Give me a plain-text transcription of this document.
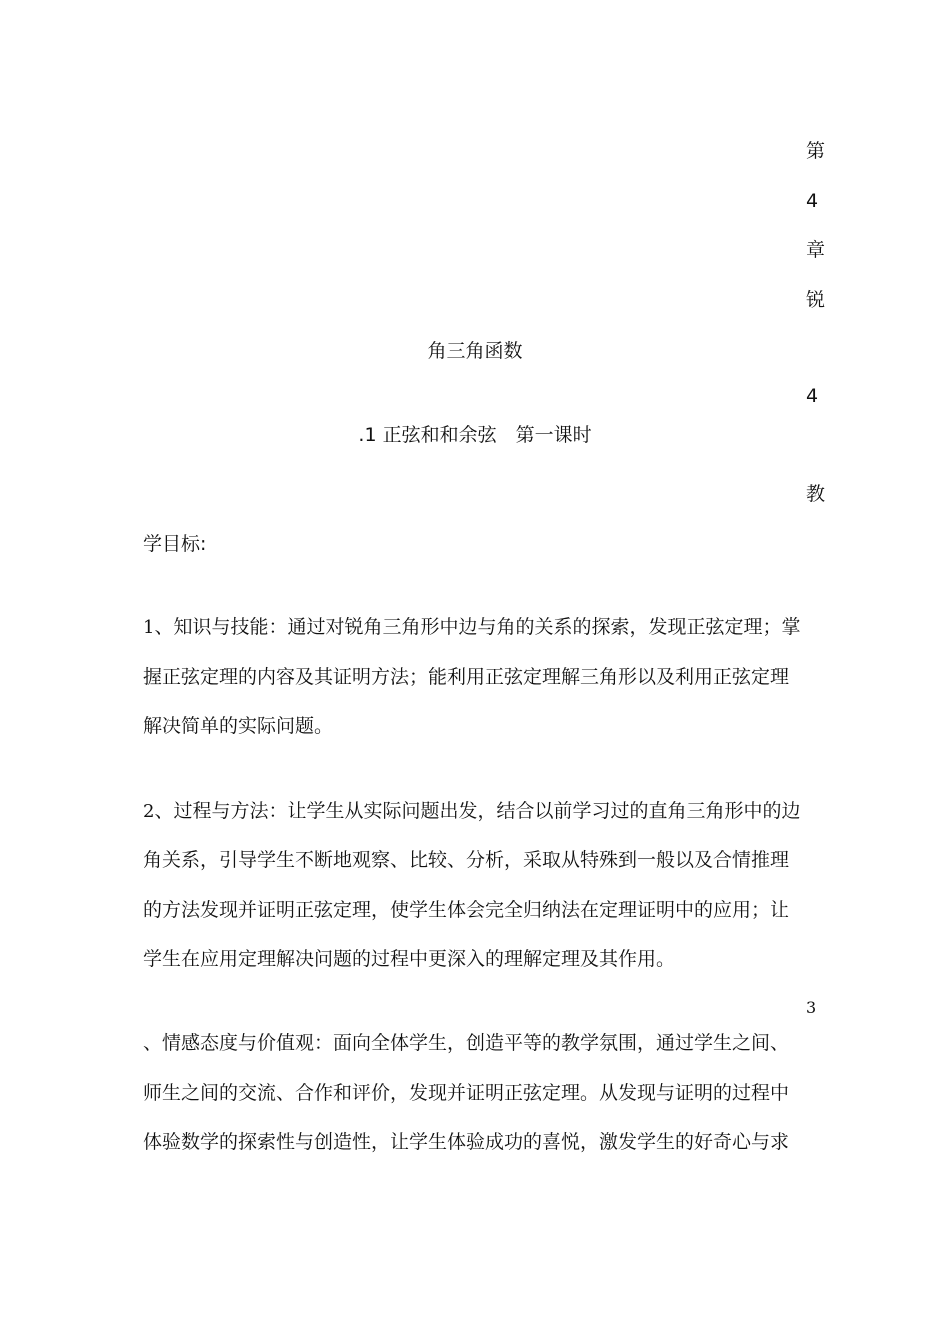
第
4
章
锐
角三角函数
4
.1 正弦和和余弦　第一课时
教
学目标:
1、知识与技能：通过对锐角三角形中边与角的关系的探索，发现正弦定理；掌
握正弦定理的内容及其证明方法；能利用正弦定理解三角形以及利用正弦定理
解决简单的实际问题。
2、过程与方法：让学生从实际问题出发，结合以前学习过的直角三角形中的边
角关系，引导学生不断地观察、比较、分析，采取从特殊到一般以及合情推理
的方法发现并证明正弦定理，使学生体会完全归纳法在定理证明中的应用；让
学生在应用定理解决问题的过程中更深入的理解定理及其作用。
3
、情感态度与价值观：面向全体学生，创造平等的教学氛围，通过学生之间、
师生之间的交流、合作和评价，发现并证明正弦定理。从发现与证明的过程中
体验数学的探索性与创造性，让学生体验成功的喜悦，激发学生的好奇心与求
